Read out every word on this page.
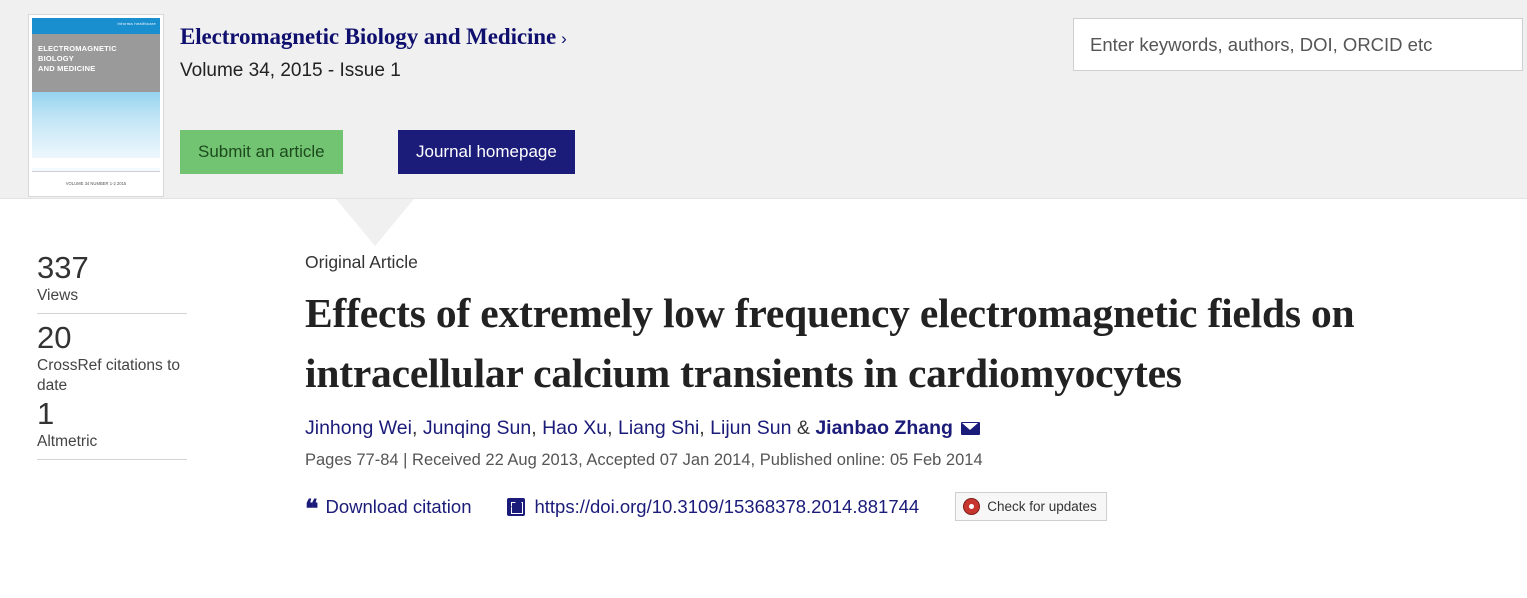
informa healthcare
ELECTROMAGNETIC
BIOLOGY
AND MEDICINE
VOLUME 34 NUMBER 1-2 2015
Electromagnetic Biology and Medicine ›
Volume 34, 2015 - Issue 1
Submit an article	Journal homepage
Enter keywords, authors, DOI, ORCID etc
337
Views
20
CrossRef citations to date
1
Altmetric
Original Article
Effects of extremely low frequency electromagnetic fields on intracellular calcium transients in cardiomyocytes
Jinhong Wei, Junqing Sun, Hao Xu, Liang Shi, Lijun Sun & Jianbao Zhang
Pages 77-84 | Received 22 Aug 2013, Accepted 07 Jan 2014, Published online: 05 Feb 2014
❝ Download citation	https://doi.org/10.3109/15368378.2014.881744	Check for updates
